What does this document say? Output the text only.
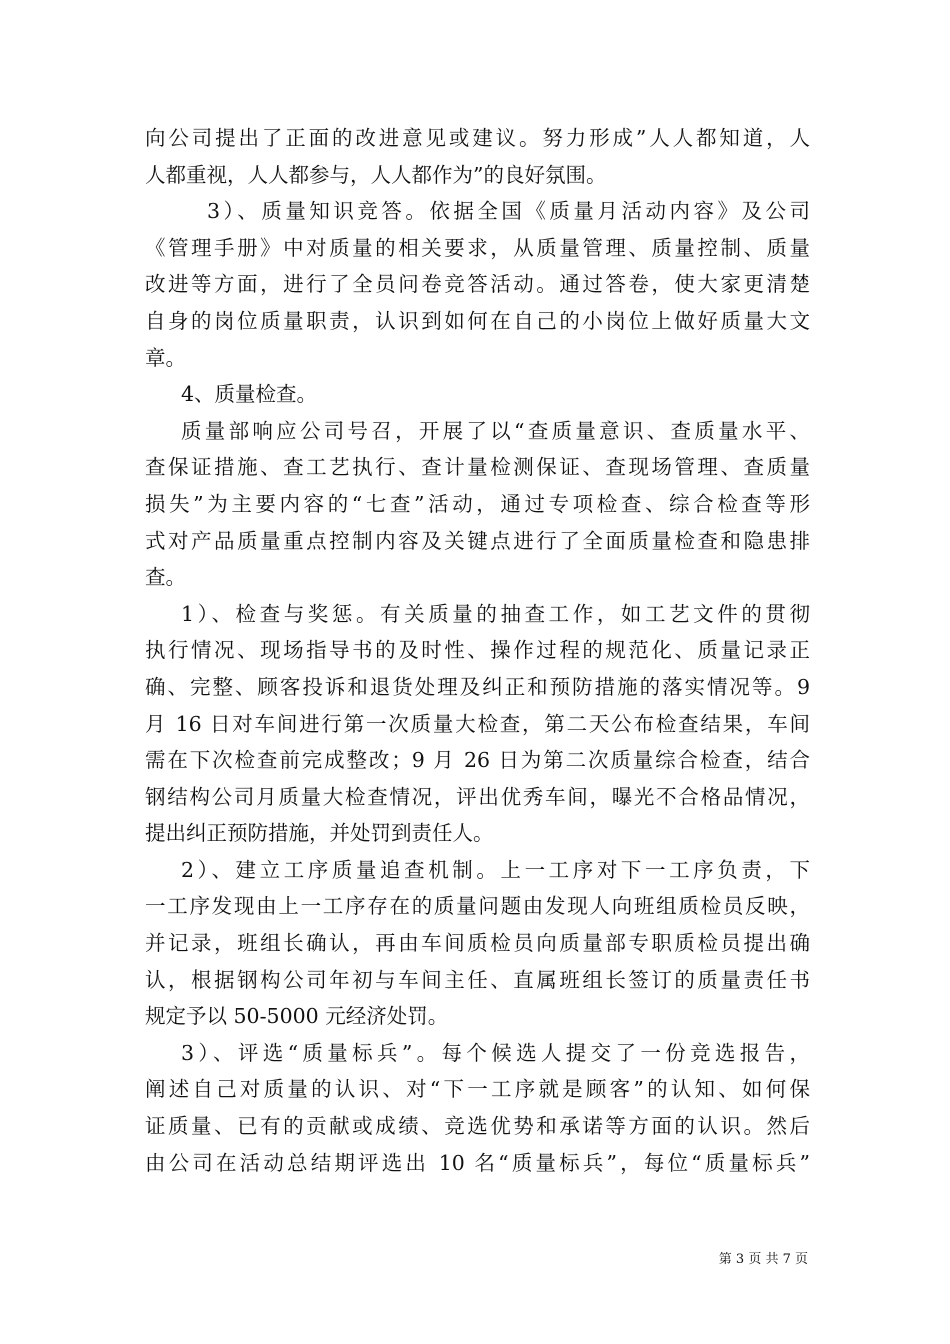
向公司提出了正面的改进意见或建议。努力形成”人人都知道，人
人都重视，人人都参与，人人都作为”的良好氛围。
3）、质量知识竞答。依据全国《质量月活动内容》及公司
《管理手册》中对质量的相关要求，从质量管理、质量控制、质量
改进等方面，进行了全员问卷竞答活动。通过答卷，使大家更清楚
自身的岗位质量职责，认识到如何在自己的小岗位上做好质量大文
章。
4、质量检查。
质量部响应公司号召，开展了以“查质量意识、查质量水平、
查保证措施、查工艺执行、查计量检测保证、查现场管理、查质量
损失”为主要内容的“七查”活动，通过专项检查、综合检查等形
式对产品质量重点控制内容及关键点进行了全面质量检查和隐患排
查。
1）、检查与奖惩。有关质量的抽查工作，如工艺文件的贯彻
执行情况、现场指导书的及时性、操作过程的规范化、质量记录正
确、完整、顾客投诉和退货处理及纠正和预防措施的落实情况等。9
月 16 日对车间进行第一次质量大检查，第二天公布检查结果，车间
需在下次检查前完成整改；9 月 26 日为第二次质量综合检查，结合
钢结构公司月质量大检查情况，评出优秀车间，曝光不合格品情况，
提出纠正预防措施，并处罚到责任人。
2）、建立工序质量追查机制。上一工序对下一工序负责，下
一工序发现由上一工序存在的质量问题由发现人向班组质检员反映，
并记录，班组长确认，再由车间质检员向质量部专职质检员提出确
认，根据钢构公司年初与车间主任、直属班组长签订的质量责任书
规定予以 50-5000 元经济处罚。
3）、评选“质量标兵”。每个候选人提交了一份竞选报告，
阐述自己对质量的认识、对“下一工序就是顾客”的认知、如何保
证质量、已有的贡献或成绩、竞选优势和承诺等方面的认识。然后
由公司在活动总结期评选出 10 名“质量标兵”，每位“质量标兵”
第 3 页 共 7 页
